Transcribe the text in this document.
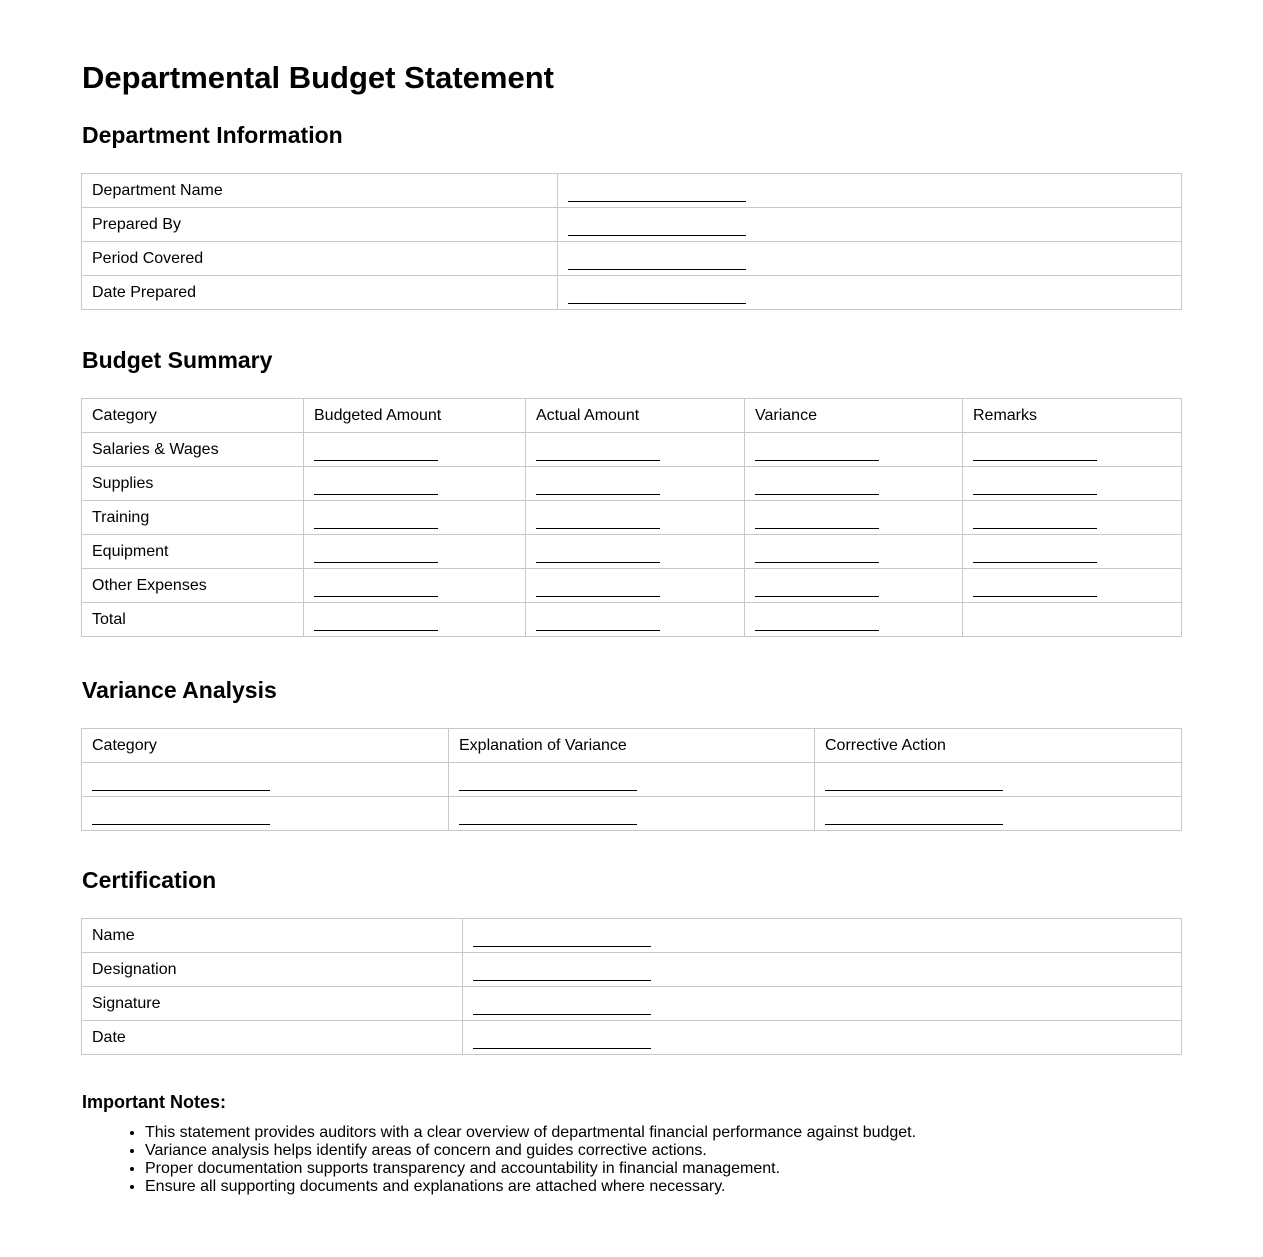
Departmental Budget Statement
Department Information
Department Name	
Prepared By	
Period Covered	
Date Prepared	
Budget Summary
Category	Budgeted Amount	Actual Amount	Variance	Remarks
Salaries & Wages				
Supplies				
Training				
Equipment				
Other Expenses				
Total				
Variance Analysis
Category	Explanation of Variance	Corrective Action

Certification
Name	
Designation	
Signature	
Date	
Important Notes:
• This statement provides auditors with a clear overview of departmental financial performance against budget.
• Variance analysis helps identify areas of concern and guides corrective actions.
• Proper documentation supports transparency and accountability in financial management.
• Ensure all supporting documents and explanations are attached where necessary.
